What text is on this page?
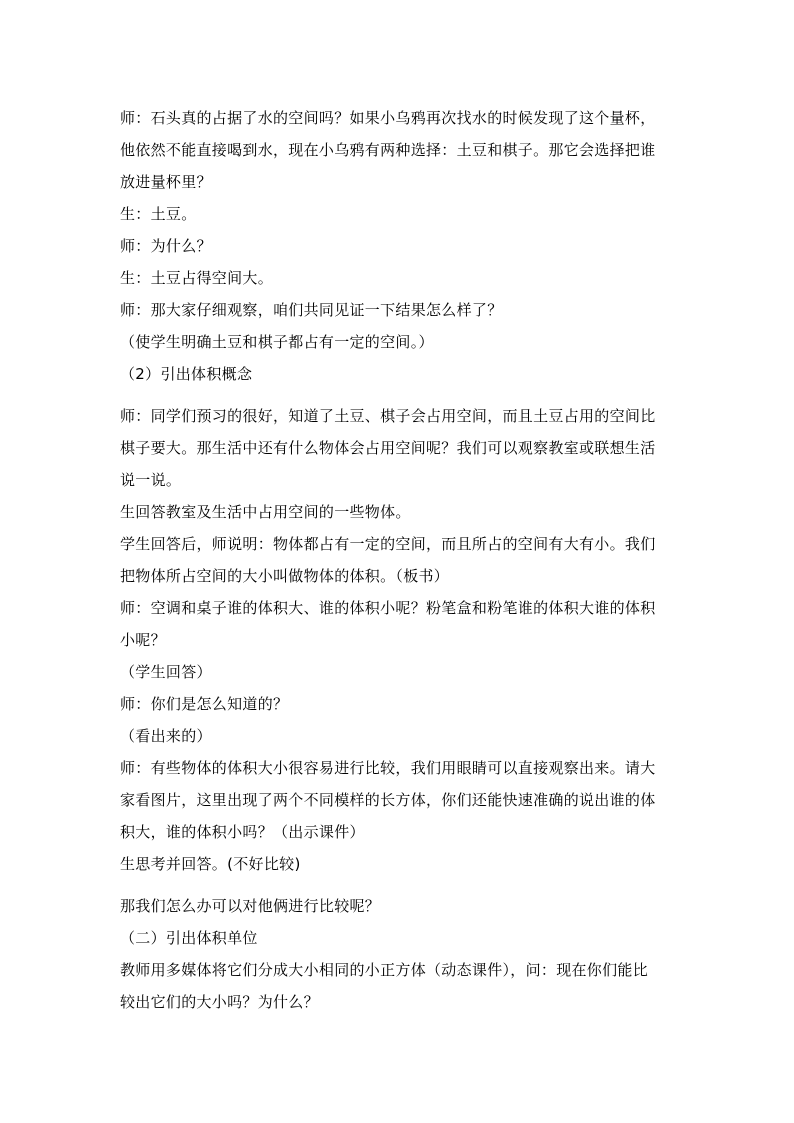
师：石头真的占据了水的空间吗？如果小乌鸦再次找水的时候发现了这个量杯，
他依然不能直接喝到水，现在小乌鸦有两种选择：土豆和棋子。那它会选择把谁
放进量杯里？
生：土豆。
师：为什么？
生：土豆占得空间大。
师：那大家仔细观察，咱们共同见证一下结果怎么样了？
（使学生明确土豆和棋子都占有一定的空间。）
（2）引出体积概念
师：同学们预习的很好，知道了土豆、棋子会占用空间，而且土豆占用的空间比
棋子要大。那生活中还有什么物体会占用空间呢？我们可以观察教室或联想生活
说一说。
生回答教室及生活中占用空间的一些物体。
学生回答后，师说明：物体都占有一定的空间，而且所占的空间有大有小。我们
把物体所占空间的大小叫做物体的体积。（板书）
师：空调和桌子谁的体积大、谁的体积小呢？粉笔盒和粉笔谁的体积大谁的体积
小呢？
（学生回答）
师：你们是怎么知道的？
（看出来的）
师：有些物体的体积大小很容易进行比较，我们用眼睛可以直接观察出来。请大
家看图片，这里出现了两个不同模样的长方体，你们还能快速准确的说出谁的体
积大，谁的体积小吗？（出示课件）
生思考并回答。(不好比较)
那我们怎么办可以对他俩进行比较呢？
（二）引出体积单位
教师用多媒体将它们分成大小相同的小正方体（动态课件），问：现在你们能比
较出它们的大小吗？为什么？
